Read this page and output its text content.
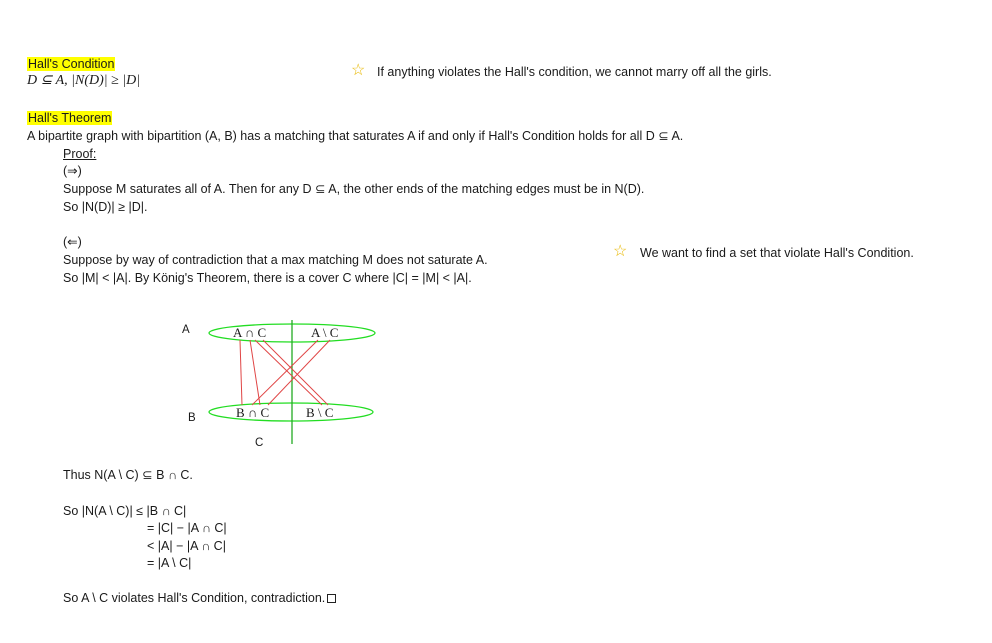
Hall's Condition
D ⊆ A, |N(D)| ≥ |D|
☆ If anything violates the Hall's condition, we cannot marry off all the girls.
Hall's Theorem
A bipartite graph with bipartition (A, B) has a matching that saturates A if and only if Hall's Condition holds for all D ⊆ A.
Proof:
(⇒)
Suppose M saturates all of A. Then for any D ⊆ A, the other ends of the matching edges must be in N(D).
So |N(D)| ≥ |D|.
(⇐)
Suppose by way of contradiction that a max matching M does not saturate A.
So |M| < |A|. By König's Theorem, there is a cover C where |C| = |M| < |A|.
☆ We want to find a set that violate Hall's Condition.
A
B
C
A ∩ C	A \ C
B ∩ C	B \ C
Thus N(A \ C) ⊆ B ∩ C.
So |N(A \ C)| ≤ |B ∩ C|
= |C| − |A ∩ C|
< |A| − |A ∩ C|
= |A \ C|
So A \ C violates Hall's Condition, contradiction.
